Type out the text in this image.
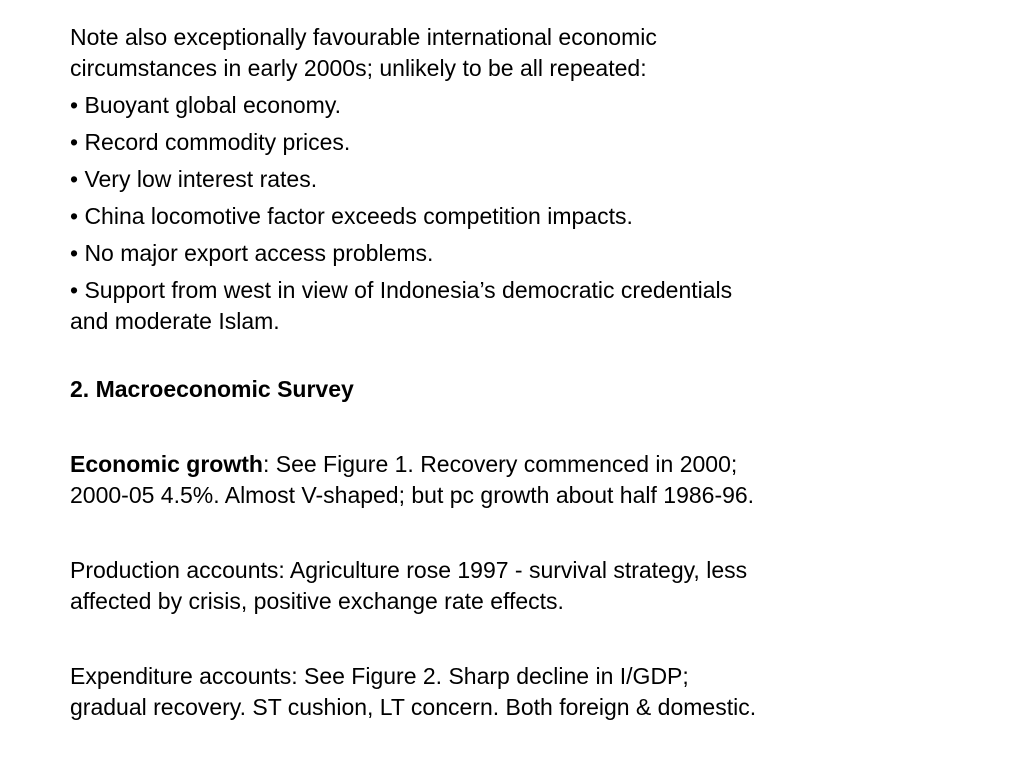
Note also exceptionally favourable international economic

circumstances in early 2000s; unlikely to be all repeated:

• Buoyant global economy.

• Record commodity prices.

• Very low interest rates.

• China locomotive factor exceeds competition impacts.

• No major export access problems.

• Support from west in view of Indonesia’s democratic credentials

and moderate Islam.

2. Macroeconomic Survey

Economic growth: See Figure 1. Recovery commenced in 2000;

2000-05 4.5%. Almost V-shaped; but pc growth about half 1986-96.

Production accounts: Agriculture rose 1997 - survival strategy, less

affected by crisis, positive exchange rate effects.

Expenditure accounts: See Figure 2. Sharp decline in I/GDP;

gradual recovery. ST cushion, LT concern. Both foreign & domestic.
